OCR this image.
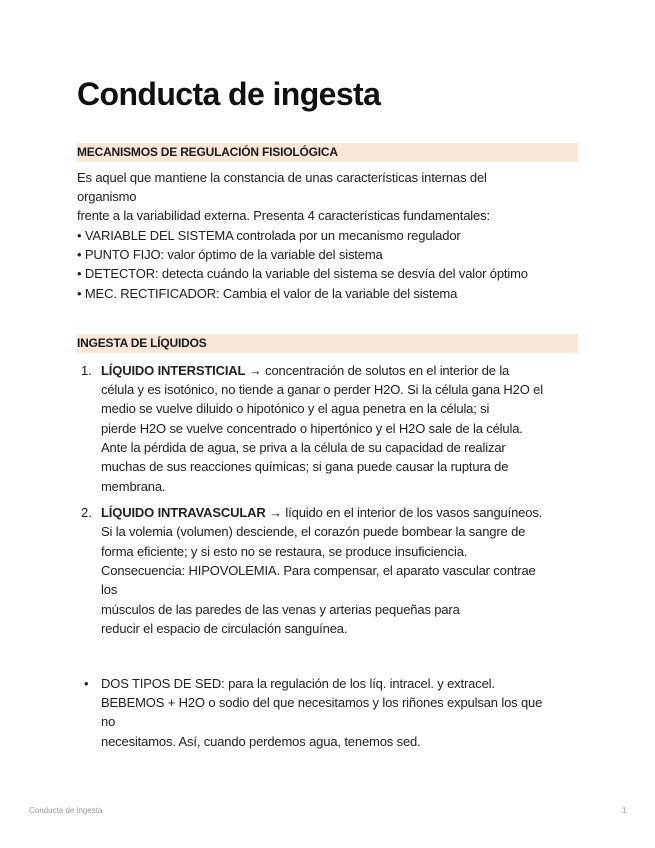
Conducta de ingesta
MECANISMOS DE REGULACIÓN FISIOLÓGICA
Es aquel que mantiene la constancia de unas características internas del
organismo
frente a la variabilidad externa. Presenta 4 características fundamentales:
• VARIABLE DEL SISTEMA controlada por un mecanismo regulador
• PUNTO FIJO: valor óptimo de la variable del sistema
• DETECTOR: detecta cuándo la variable del sistema se desvía del valor óptimo
• MEC. RECTIFICADOR: Cambia el valor de la variable del sistema
INGESTA DE LÍQUIDOS
1. LÍQUIDO INTERSTICIAL → concentración de solutos en el interior de la
célula y es isotónico, no tiende a ganar o perder H2O. Si la célula gana H2O el
medio se vuelve diluido o hipotónico y el agua penetra en la célula; si
pierde H2O se vuelve concentrado o hipertónico y el H2O sale de la célula.
Ante la pérdida de agua, se priva a la célula de su capacidad de realizar
muchas de sus reacciones químicas; si gana puede causar la ruptura de
membrana.
2. LÍQUIDO INTRAVASCULAR → líquido en el interior de los vasos sanguíneos.
Si la volemia (volumen) desciende, el corazón puede bombear la sangre de
forma eficiente; y si esto no se restaura, se produce insuficiencia.
Consecuencia: HIPOVOLEMIA. Para compensar, el aparato vascular contrae
los
músculos de las paredes de las venas y arterias pequeñas para
reducir el espacio de circulación sanguínea.
• DOS TIPOS DE SED: para la regulación de los líq. intracel. y extracel.
BEBEMOS + H2O o sodio del que necesitamos y los riñones expulsan los que
no
necesitamos. Así, cuando perdemos agua, tenemos sed.
Conducta de ingesta	1
